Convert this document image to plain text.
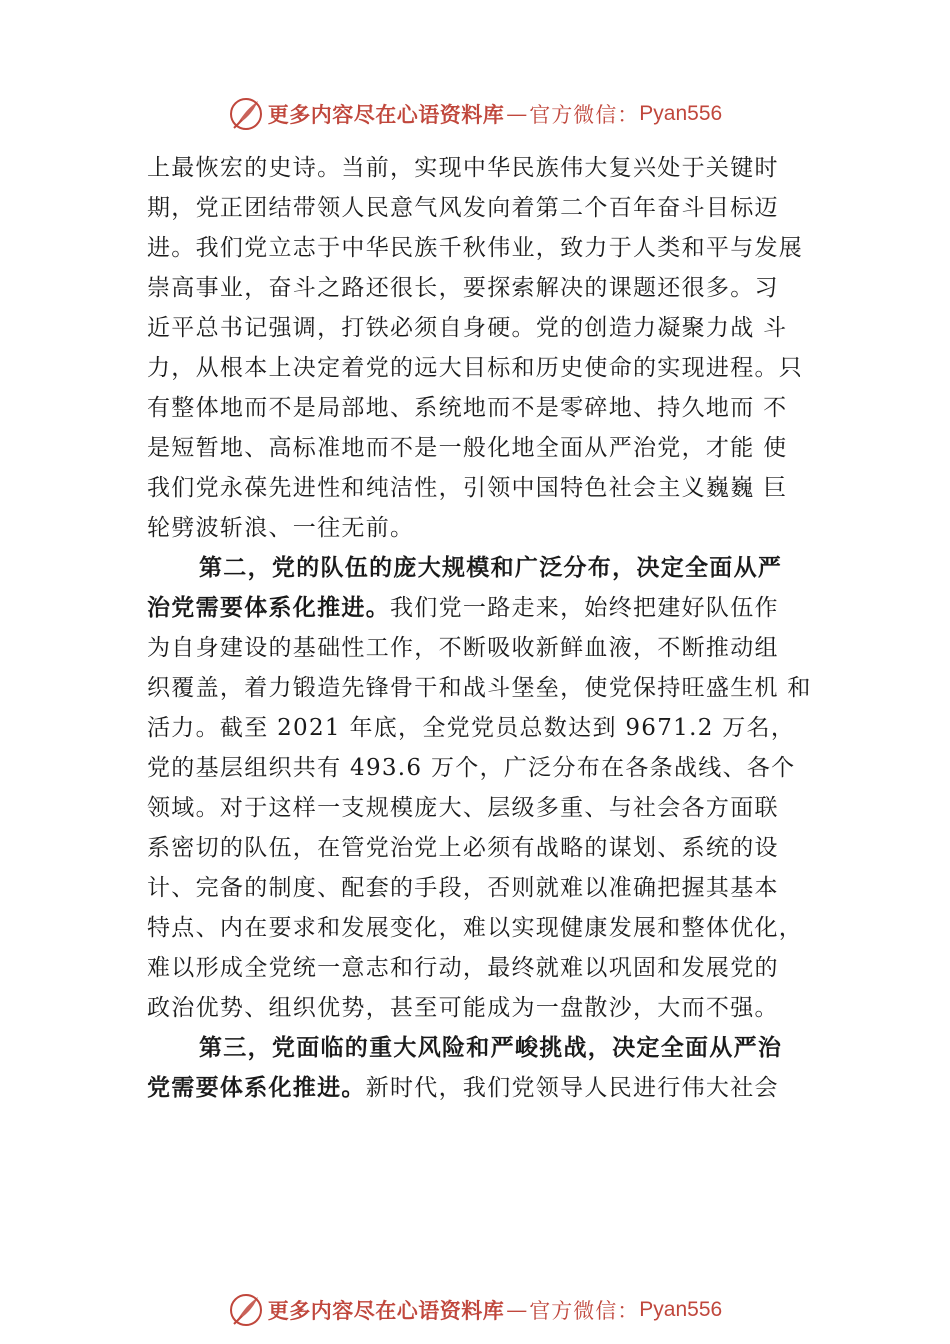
更多内容尽在心语资料库 — 官方微信： Pyan556
上最恢宏的史诗。当前，实现中华民族伟大复兴处于关键时
期，党正团结带领人民意气风发向着第二个百年奋斗目标迈
进。我们党立志于中华民族千秋伟业，致力于人类和平与发展
崇高事业，奋斗之路还很长，要探索解决的课题还很多。习
近平总书记强调，打铁必须自身硬。党的创造力凝聚力战 斗
力，从根本上决定着党的远大目标和历史使命的实现进程。只
有整体地而不是局部地、系统地而不是零碎地、持久地而 不
是短暂地、高标准地而不是一般化地全面从严治党，才能 使
我们党永葆先进性和纯洁性，引领中国特色社会主义巍巍 巨
轮劈波斩浪、一往无前。
第二，党的队伍的庞大规模和广泛分布，决定全面从严
治党需要体系化推进。我们党一路走来，始终把建好队伍作
为自身建设的基础性工作，不断吸收新鲜血液，不断推动组
织覆盖，着力锻造先锋骨干和战斗堡垒，使党保持旺盛生机 和
活力。截至 2021 年底，全党党员总数达到 9671.2 万名，
党的基层组织共有 493.6 万个，广泛分布在各条战线、各个
领域。对于这样一支规模庞大、层级多重、与社会各方面联
系密切的队伍，在管党治党上必须有战略的谋划、系统的设
计、完备的制度、配套的手段，否则就难以准确把握其基本
特点、内在要求和发展变化，难以实现健康发展和整体优化，
难以形成全党统一意志和行动，最终就难以巩固和发展党的
政治优势、组织优势，甚至可能成为一盘散沙，大而不强。
第三，党面临的重大风险和严峻挑战，决定全面从严治
党需要体系化推进。新时代，我们党领导人民进行伟大社会
更多内容尽在心语资料库 — 官方微信： Pyan556
